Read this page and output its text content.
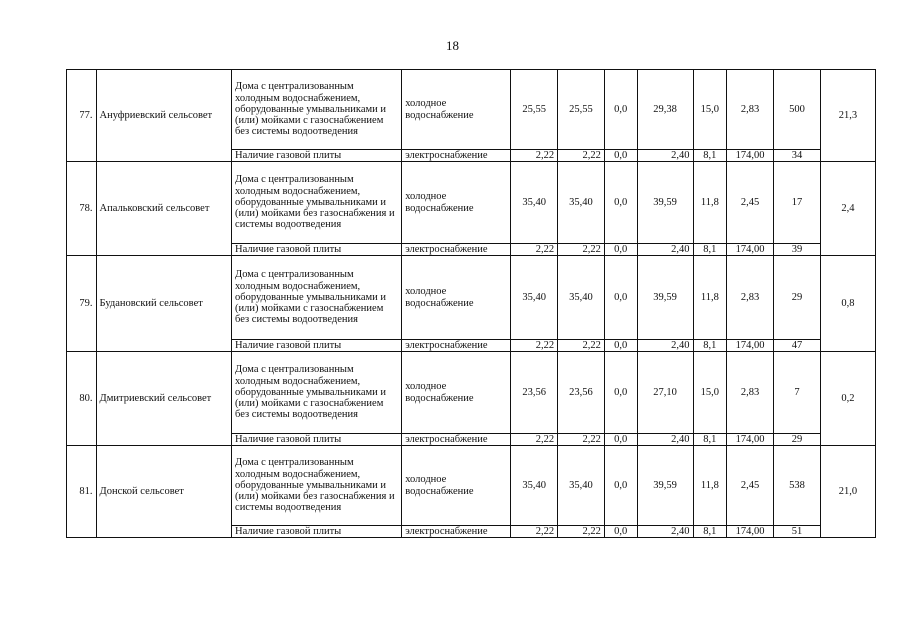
18
77.	Ануфриевский сельсовет	Дома с централизованным холодным водоснабжением, оборудованные умывальниками и (или) мойками с газоснабжением без системы водоотведения	холодное водоснабжение	25,55	25,55	0,0	29,38	15,0	2,83	500	21,3
		Наличие газовой плиты	электроснабжение	2,22	2,22	0,0	2,40	8,1	174,00	34	
78.	Апальковский сельсовет	Дома с централизованным холодным водоснабжением, оборудованные умывальниками и (или) мойками без газоснабжения и системы водоотведения	холодное водоснабжение	35,40	35,40	0,0	39,59	11,8	2,45	17	2,4
		Наличие газовой плиты	электроснабжение	2,22	2,22	0,0	2,40	8,1	174,00	39	
79.	Будановский сельсовет	Дома с централизованным холодным водоснабжением, оборудованные умывальниками и (или) мойками с газоснабжением без системы водоотведения	холодное водоснабжение	35,40	35,40	0,0	39,59	11,8	2,83	29	0,8
		Наличие газовой плиты	электроснабжение	2,22	2,22	0,0	2,40	8,1	174,00	47	
80.	Дмитриевский сельсовет	Дома с централизованным холодным водоснабжением, оборудованные умывальниками и (или) мойками с газоснабжением без системы водоотведения	холодное водоснабжение	23,56	23,56	0,0	27,10	15,0	2,83	7	0,2
		Наличие газовой плиты	электроснабжение	2,22	2,22	0,0	2,40	8,1	174,00	29	
81.	Донской сельсовет	Дома с централизованным холодным водоснабжением, оборудованные умывальниками и (или) мойками без газоснабжения и системы водоотведения	холодное водоснабжение	35,40	35,40	0,0	39,59	11,8	2,45	538	21,0
		Наличие газовой плиты	электроснабжение	2,22	2,22	0,0	2,40	8,1	174,00	51	
